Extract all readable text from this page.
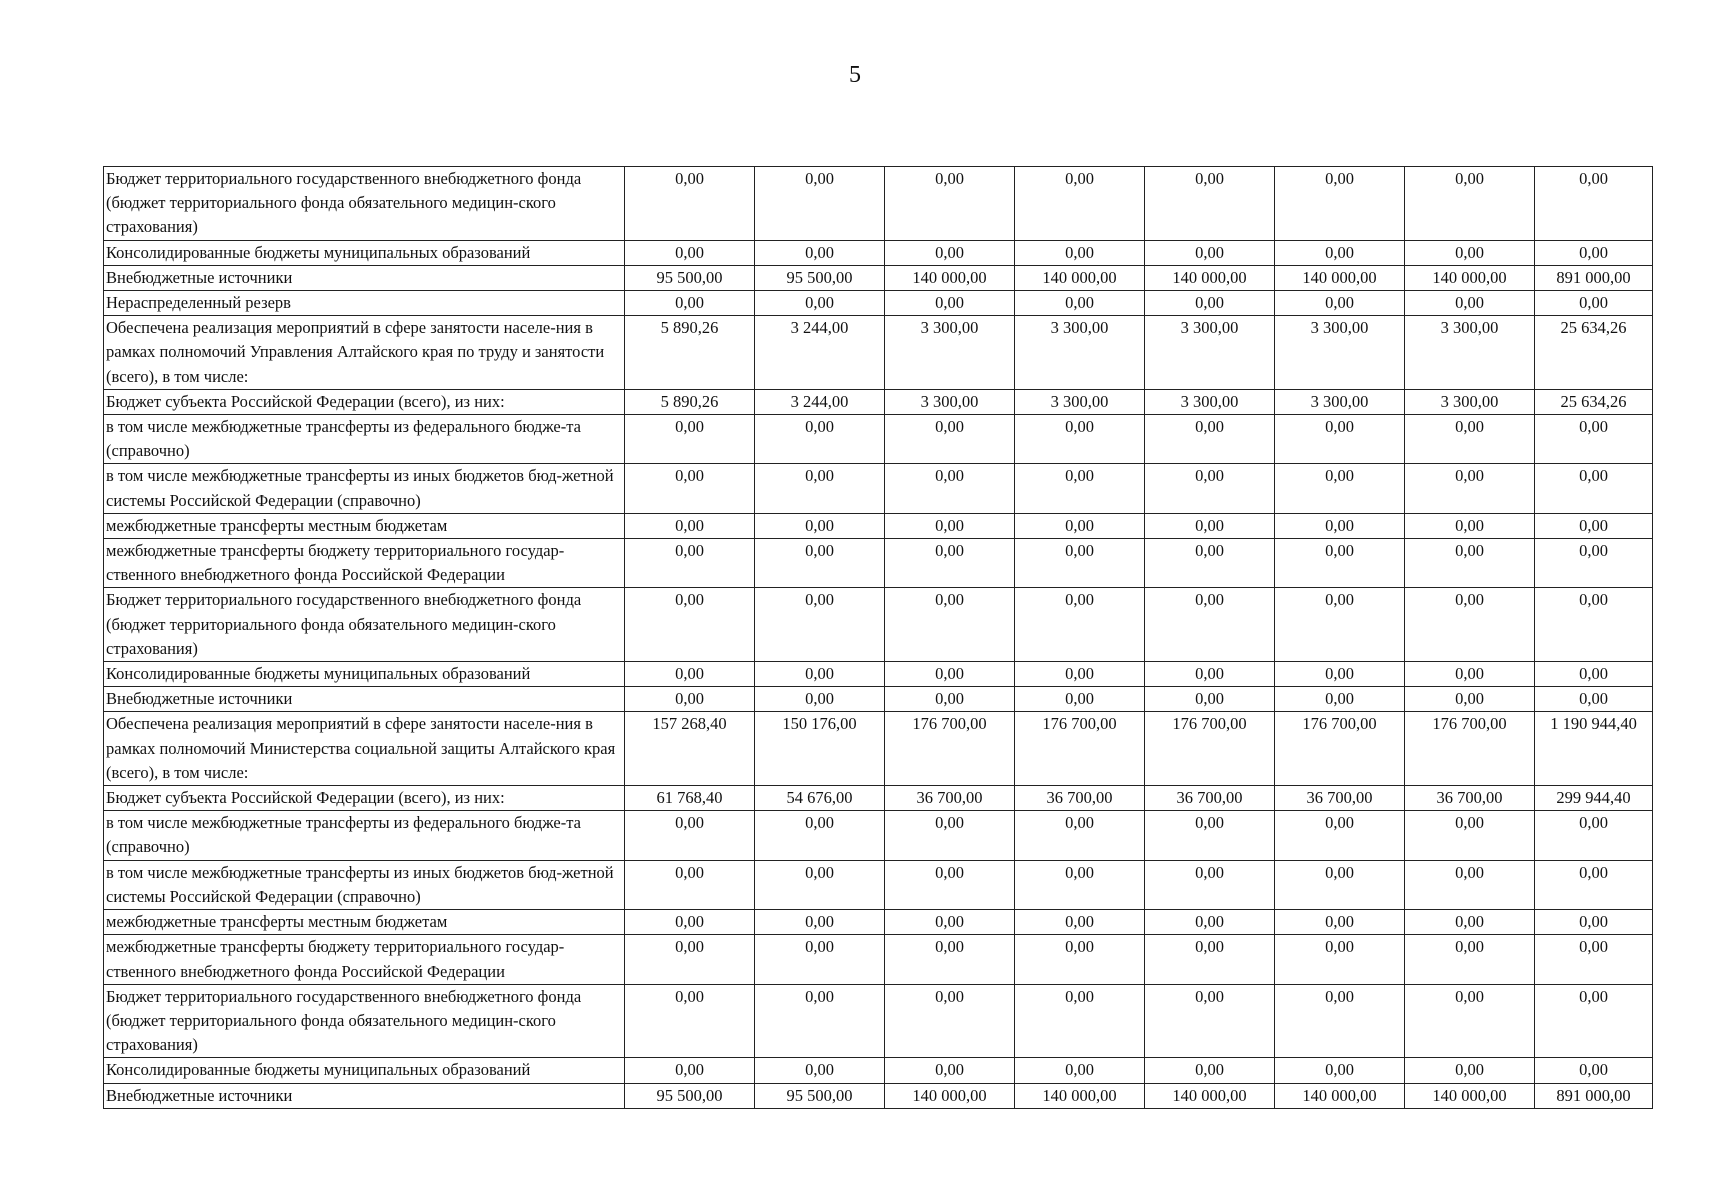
5
Бюджет территориального государственного внебюджетного фонда (бюджет территориального фонда обязательного медицин-ского страхования)	0,00	0,00	0,00	0,00	0,00	0,00	0,00	0,00
Консолидированные бюджеты муниципальных образований	0,00	0,00	0,00	0,00	0,00	0,00	0,00	0,00
Внебюджетные источники	95 500,00	95 500,00	140 000,00	140 000,00	140 000,00	140 000,00	140 000,00	891 000,00
Нераспределенный резерв	0,00	0,00	0,00	0,00	0,00	0,00	0,00	0,00
Обеспечена реализация мероприятий в сфере занятости населе-ния в рамках полномочий Управления Алтайского края по труду и занятости (всего), в том числе:	5 890,26	3 244,00	3 300,00	3 300,00	3 300,00	3 300,00	3 300,00	25 634,26
Бюджет субъекта Российской Федерации (всего), из них:	5 890,26	3 244,00	3 300,00	3 300,00	3 300,00	3 300,00	3 300,00	25 634,26
в том числе межбюджетные трансферты из федерального бюдже-та (справочно)	0,00	0,00	0,00	0,00	0,00	0,00	0,00	0,00
в том числе межбюджетные трансферты из иных бюджетов бюд-жетной системы Российской Федерации (справочно)	0,00	0,00	0,00	0,00	0,00	0,00	0,00	0,00
межбюджетные трансферты местным бюджетам	0,00	0,00	0,00	0,00	0,00	0,00	0,00	0,00
межбюджетные трансферты бюджету территориального государ-ственного внебюджетного фонда Российской Федерации	0,00	0,00	0,00	0,00	0,00	0,00	0,00	0,00
Бюджет территориального государственного внебюджетного фонда (бюджет территориального фонда обязательного медицин-ского страхования)	0,00	0,00	0,00	0,00	0,00	0,00	0,00	0,00
Консолидированные бюджеты муниципальных образований	0,00	0,00	0,00	0,00	0,00	0,00	0,00	0,00
Внебюджетные источники	0,00	0,00	0,00	0,00	0,00	0,00	0,00	0,00
Обеспечена реализация мероприятий в сфере занятости населе-ния в рамках полномочий Министерства социальной защиты Алтайского края (всего), в том числе:	157 268,40	150 176,00	176 700,00	176 700,00	176 700,00	176 700,00	176 700,00	1 190 944,40
Бюджет субъекта Российской Федерации (всего), из них:	61 768,40	54 676,00	36 700,00	36 700,00	36 700,00	36 700,00	36 700,00	299 944,40
в том числе межбюджетные трансферты из федерального бюдже-та (справочно)	0,00	0,00	0,00	0,00	0,00	0,00	0,00	0,00
в том числе межбюджетные трансферты из иных бюджетов бюд-жетной системы Российской Федерации (справочно)	0,00	0,00	0,00	0,00	0,00	0,00	0,00	0,00
межбюджетные трансферты местным бюджетам	0,00	0,00	0,00	0,00	0,00	0,00	0,00	0,00
межбюджетные трансферты бюджету территориального государ-ственного внебюджетного фонда Российской Федерации	0,00	0,00	0,00	0,00	0,00	0,00	0,00	0,00
Бюджет территориального государственного внебюджетного фонда (бюджет территориального фонда обязательного медицин-ского страхования)	0,00	0,00	0,00	0,00	0,00	0,00	0,00	0,00
Консолидированные бюджеты муниципальных образований	0,00	0,00	0,00	0,00	0,00	0,00	0,00	0,00
Внебюджетные источники	95 500,00	95 500,00	140 000,00	140 000,00	140 000,00	140 000,00	140 000,00	891 000,00
